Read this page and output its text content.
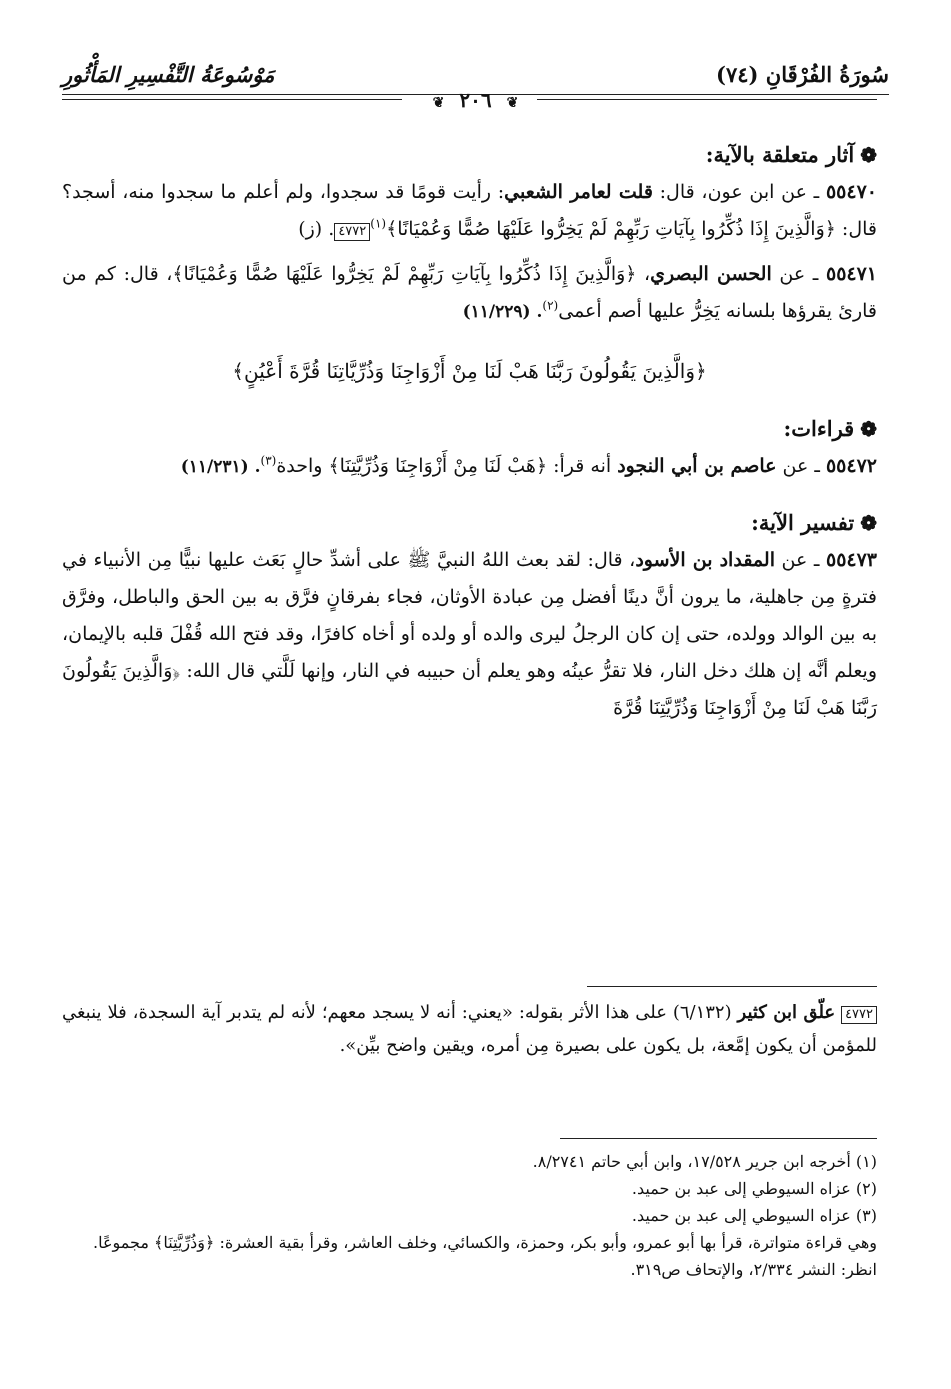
سُورَةُ الفُرْقَانِ (٧٤)
مَوْسُوعَةُ التَّفْسِيرِ المَأْثُورِ
❦ ٢٠٦ ❦

❁آثار متعلقة بالآية:

٥٥٤٧٠ ـ عن ابن عون، قال: قلت لعامر الشعبي: رأيت قومًا قد سجدوا، ولم أعلم ما سجدوا منه، أسجد؟ قال: ﴿وَالَّذِينَ إِذَا ذُكِّرُوا بِآيَاتِ رَبِّهِمْ لَمْ يَخِرُّوا عَلَيْهَا صُمًّا وَعُمْيَانًا﴾$^{(١)}$٤٧٧٢. (ز)

٥٥٤٧١ ـ عن الحسن البصري، ﴿وَالَّذِينَ إِذَا ذُكِّرُوا بِآيَاتِ رَبِّهِمْ لَمْ يَخِرُّوا عَلَيْهَا صُمًّا وَعُمْيَانًا﴾، قال: كم من قارئ يقرؤها بلسانه يَخِرُّ عليها أصم أعمى$^{(٢)}$. (١١/٢٢٩)

﴿وَالَّذِينَ يَقُولُونَ رَبَّنَا هَبْ لَنَا مِنْ أَزْوَاجِنَا وَذُرِّيَّاتِنَا قُرَّةَ أَعْيُنٍ﴾

❁قراءات:

٥٥٤٧٢ ـ عن عاصم بن أبي النجود أنه قرأ: ﴿هَبْ لَنَا مِنْ أَزْوَاجِنَا وَذُرِّيَّتِنَا﴾ واحدة$^{(٣)}$. (١١/٢٣١)

❁تفسير الآية:

٥٥٤٧٣ ـ عن المقداد بن الأسود، قال: لقد بعث اللهُ النبيَّ ﷺ على أشدِّ حالٍ بَعَث عليها نبيًّا مِن الأنبياء في فترةٍ مِن جاهلية، ما يرون أنَّ دينًا أفضل مِن عبادة الأوثان، فجاء بفرقانٍ فرَّق به بين الحق والباطل، وفرَّق به بين الوالد وولده، حتى إن كان الرجلُ ليرى والده أو ولده أو أخاه كافرًا، وقد فتح الله قُفْلَ قلبه بالإيمان، ويعلم أنَّه إن هلك دخل النار، فلا تقرُّ عينُه وهو يعلم أن حبيبه في النار، وإنها لَلَّتي قال الله: ﴿وَالَّذِينَ يَقُولُونَ رَبَّنَا هَبْ لَنَا مِنْ أَزْوَاجِنَا وَذُرِّيَّتِنَا قُرَّةَ

٤٧٧٢ علّق ابن كثير (٦/١٣٢) على هذا الأثر بقوله: «يعني: أنه لا يسجد معهم؛ لأنه لم يتدبر آية السجدة، فلا ينبغي للمؤمن أن يكون إمَّعة، بل يكون على بصيرة مِن أمره، ويقين واضح بيِّن».

(١) أخرجه ابن جرير ١٧/٥٢٨، وابن أبي حاتم ٨/٢٧٤١.

(٢) عزاه السيوطي إلى عبد بن حميد.

(٣) عزاه السيوطي إلى عبد بن حميد.

وهي قراءة متواترة، قرأ بها أبو عمرو، وأبو بكر، وحمزة، والكسائي، وخلف العاشر، وقرأ بقية العشرة: ﴿وَذُرِّيَّتِنَا﴾ مجموعًا. انظر: النشر ٢/٣٣٤، والإتحاف ص٣١٩.
